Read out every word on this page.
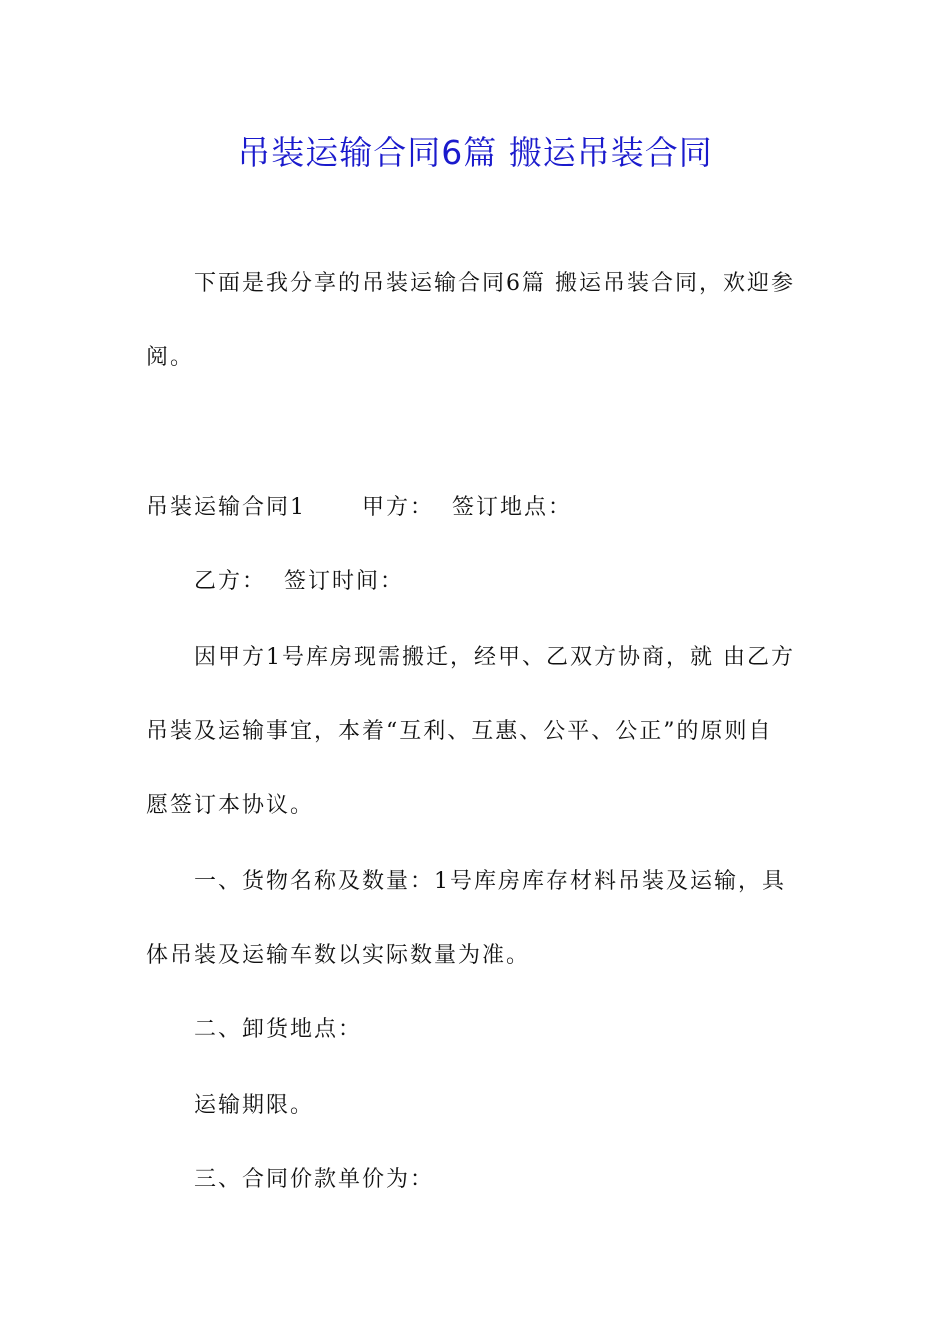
吊装运输合同6篇 搬运吊装合同

下面是我分享的吊装运输合同6篇 搬运吊装合同，欢迎参

阅。

吊装运输合同1	甲方： 签订地点：

乙方： 签订时间：

因甲方1号库房现需搬迁，经甲、乙双方协商，就 由乙方

吊装及运输事宜，本着“互利、互惠、公平、公正”的原则自

愿签订本协议。

一、货物名称及数量：1号库房库存材料吊装及运输，具

体吊装及运输车数以实际数量为准。

二、卸货地点：

运输期限。

三、合同价款单价为：
